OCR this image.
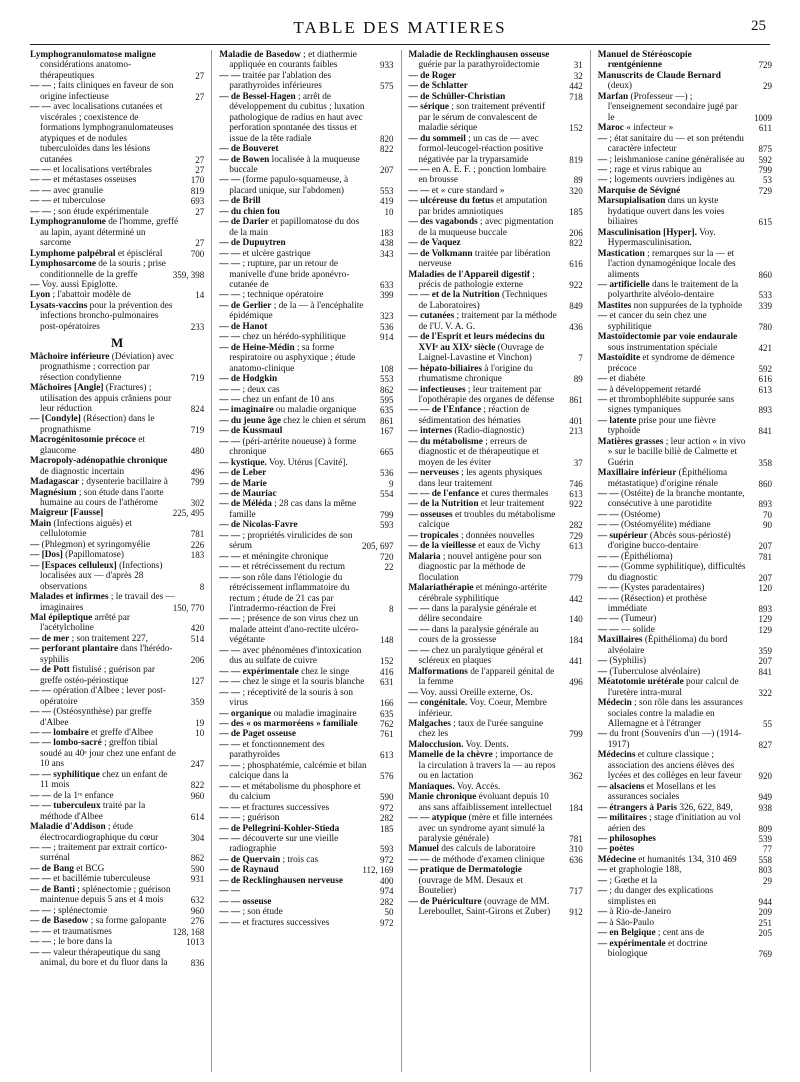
TABLE DES MATIERES	25

Lymphogranulomatose maligne considérations anatomo-thérapeutiques	27

— — ; faits cliniques en faveur de son origine infectieuse	27

— — avec localisations cutanées et viscérales ; coexistence de formations lymphogranulomateuses atypiques et de nodules tuberculoïdes dans les lésions cutanées	27

— — et localisations vertébrales	27

— — et métastases osseuses	170

— — avec granulie	819

— — et tuberculose	693

— — ; son étude expérimentale	27

Lymphogranulome de l'homme, greffé au lapin, ayant déterminé un sarcome	27

Lymphome palpébral et épiscléral	700

Lymphosarcome de la souris ; prise conditionnelle de la greffe	359, 398

— Voy. aussi Epiglotte.

Lyon ; l'abattoir modèle de	14

Lysats-vaccins pour la prévention des infections broncho-pulmonaires post-opératoires	233

M

Mâchoire inférieure (Déviation) avec prognathisme ; correction par résection condylienne	719

Mâchoires [Angle] (Fractures) ; utilisation des appuis crâniens pour leur réduction	824

— [Condyle] (Résection) dans le prognathisme	719

Macrogénitosomie précoce et glaucome	480

Macropoly-adénopathie chronique de diagnostic incertain	496

Madagascar ; dysenterie bacillaire à	799

Magnésium ; son étude dans l'aorte humaine au cours de l'athérome	302

Maigreur [Fausse]	225, 495

Main (Infections aiguës) et cellulotomie	781

— (Phlegmon) et syringomyélie	226

— [Dos] (Papillomatose)	183

— [Espaces celluleux] (Infections) localisées aux — d'après 28 observations	8

Malades et infirmes ; le travail des — imaginaires	150, 770

Mal épileptique arrêté par l'acétylcholine	420

— de mer ; son traitement 227,	514

— perforant plantaire dans l'hérédo-syphilis	206

— de Pott fistulisé ; guérison par greffe ostéo-périostique	127

— — opération d'Albee ; lever post-opératoire	359

— — (Ostéosynthèse) par greffe d'Albee	19

— — lombaire et greffe d'Albee	10

— — lombo-sacré ; greffon tibial soudé au 40ᵉ jour chez une enfant de 10 ans	247

— — syphilitique chez un enfant de 11 mois	822

— — de la 1ʳᵉ enfance	960

— — tuberculeux traité par la méthode d'Albee	614

Maladie d'Addison ; étude électrocardiographique du cœur	304

— — ; traitement par extrait cortico-surrénal	862

— de Bang et BCG	590

— — et bacillémie tuberculeuse	931

— de Banti ; splénectomie ; guérison maintenue depuis 5 ans et 4 mois	632

— — ; splénectomie	960

— de Basedow ; sa forme galopante	276

— — et traumatismes	128, 168

— — ; le bore dans la	1013

— — valeur thérapeutique du sang animal, du bore et du fluor dans la	836

Maladie de Basedow ; et diathermie appliquée en courants faibles	933

— — traitée par l'ablation des parathyroïdes inférieures	575

— de Bessel-Hagen ; arrêt de développement du cubitus ; luxation pathologique de radius en haut avec perforation spontanée des tissus et issue de la tête radiale	820

— de Bouveret	822

— de Bowen localisée à la muqueuse buccale	207

— — (forme papulo-squameuse, à placard unique, sur l'abdomen)	553

— de Brill	419

— du chien fou	10

— de Darier et papillomatose du dos de la main	183

— de Dupuytren	438

— — et ulcère gastrique	343

— — ; rupture, par un retour de manivelle d'une bride aponévro-cutanée de	633

— — ; technique opératoire	399

— de Gerlier ; de la — à l'encéphalite épidémique	323

— de Hanot	536

— — chez un hérédo-syphilitique	914

— de Heine-Médin ; sa forme respiratoire ou asphyxique ; étude anatomo-clinique	108

— de Hodgkin	553

— — ; deux cas	862

— — chez un enfant de 10 ans	595

— imaginaire ou maladie organique	635

— du jeune âge chez le chien et sérum 861

— de Kussmaul	167

— — (péri-artérite noueuse) à forme chronique	665

— kystique. Voy. Utérus [Cavité].

— de Leber	536

— de Marie	9

— de Mauriac	554

— de Méléda ; 28 cas dans la même famille	799

— de Nicolas-Favre	593

— — ; propriétés virulicides de son sérum	205, 697

— — et méningite chronique	720

— — et rétrécissement du rectum	22

— — son rôle dans l'étiologie du rétrécissement inflammatoire du rectum ; étude de 21 cas par l'intradermo-réaction de Frei	8

— — ; présence de son virus chez un malade atteint d'ano-rectite ulcéro-végétante	148

— — avec phénomènes d'intoxication dus au sulfate de cuivre	152

— — expérimentale chez le singe	416

— — chez le singe et la souris blanche 631

— — ; réceptivité de la souris à son virus	166

— organique ou maladie imaginaire	635

— des « os marmoréens » familiale 762

— de Paget osseuse	761

— — et fonctionnement des parathyroïdes	613

— — ; phosphatémie, calcémie et bilan calcique dans la	576

— — et métabolisme du phosphore et du calcium	590

— — et fractures successives	972

— — ; guérison	282

— de Pellegrini-Kohler-Stieda	185

— — découverte sur une vieille radiographie	593

— de Quervain ; trois cas	972

— de Raynaud	112, 169

— de Recklinghausen nerveuse	400

— —	974

— — osseuse	282

— — ; son étude	50

— — et fractures successives	972

Maladie de Recklinghausen osseuse guérie par la parathyroïdectomie	31

— de Roger	32

— de Schlatter	442

— de Schüller-Christian	718

— sérique ; son traitement préventif par le sérum de convalescent de maladie sérique	152

— du sommeil ; un cas de — avec formol-leucogel-réaction positive négativée par la tryparsamide	819

— — en A. E. F. ; ponction lombaire en brousse	89

— — et « cure standard »	320

— ulcéreuse du fœtus et amputation par brides amniotiques	185

— des vagabonds ; avec pigmentation de la muqueuse buccale	206

— de Vaquez	822

— de Volkmann traitée par libération nerveuse	616

Maladies de l'Appareil digestif ; précis de pathologie externe	922

— — et de la Nutrition (Techniques de Laboratoires)	849

— cutanées ; traitement par la méthode de l'U. V. A. G.	436

— de l'Esprit et leurs médecins du XVIᵉ au XIXᵉ siècle (Ouvrage de Laignel-Lavastine et Vinchon)	7

— hépato-biliaires à l'origine du rhumatisme chronique	89

— infectieuses ; leur traitement par l'opothérapie des organes de défense 861

— — de l'Enfance ; réaction de sédimentation des hématies	401

— internes (Radio-diagnostic)	213

— du métabolisme ; erreurs de diagnostic et de thérapeutique et moyen de les éviter	37

— nerveuses ; les agents physiques dans leur traitement	746

— — de l'enfance et cures thermales 613

— de la Nutrition et leur traitement	922

— osseuses et troubles du métabolisme calcique	282

— tropicales ; données nouvelles	729

— de la vieillesse et eaux de Vichy	613

Malaria ; nouvel antigène pour son diagnostic par la méthode de floculation	779

Malariathérapie et méningo-artérite cérébrale syphilitique	442

— — dans la paralysie générale et délire secondaire	140

— — dans la paralysie générale au cours de la grossesse	184

— — chez un paralytique général et scléreux en plaques	441

Malformations de l'appareil génital de la femme	496

— Voy. aussi Oreille externe, Os.

— congénitale. Voy. Coeur, Membre inférieur.

Malgaches ; taux de l'urée sanguine chez les	799

Malocclusion. Voy. Dents.

Mamelle de la chèvre ; importance de la circulation à travers la — au repos ou en lactation	362

Maniaques. Voy. Accès.

Manie chronique évoluant depuis 10 ans sans affaiblissement intellectuel 184

— — atypique (mère et fille internées avec un syndrome ayant simulé la paralysie générale)	781

Manuel des calculs de laboratoire	310

— — de méthode d'examen clinique	636

— pratique de Dermatologie (ouvrage de MM. Desaux et Boutelier)	717

— de Puériculture (ouvrage de MM. Lereboullet, Saint-Girons et Zuber) 912

Manuel de Stéréoscopie rœntgénienne	729

Manuscrits de Claude Bernard (deux)	29

Marfan (Professeur —) ; l'enseignement secondaire jugé par le	1009

Maroc « infecteur »	611

— ; état sanitaire du — et son prétendu caractère infecteur	875

— ; leishmaniose canine généralisée au 592

— ; rage et virus rabique au	799

— ; logements ouvriers indigènes au	53

Marquise de Sévigné	729

Marsupialisation dans un kyste hydatique ouvert dans les voies biliaires	615

Masculinisation [Hyper]. Voy. Hypermasculinisation.

Mastication ; remarques sur la — et l'action dynamogénique locale des aliments	860

— artificielle dans le traitement de la polyarthrite alvéolo-dentaire	533

Mastites non suppurées de la typhoïde 339

— et cancer du sein chez une syphilitique	780

Mastoïdectomie par voie endaurale sous instrumentation spéciale	421

Mastoïdite et syndrome de démence précoce	592

— et diabète	616

— à développement retardé	613

— et thrombophlébite suppurée sans signes tympaniques	893

— latente prise pour une fièvre typhoïde	841

Matières grasses ; leur action « in vivo » sur le bacille biliè de Calmette et Guérin	358

Maxillaire inférieur (Épithélioma métastatique) d'origine rénale	860

— — (Ostéite) de la branche montante, consécutive à une parotidite	893

— — (Ostéome)	70

— — (Ostéomyélite) médiane	90

— supérieur (Abcès sous-périosté) d'origine bucco-dentaire	207

— — (Épithélioma)	781

— — (Gomme syphilitique), difficultés du diagnostic	207

— — (Kystes paradentaires)	120

— — (Résection) et prothèse immédiate	893

— — (Tumeur)	129

— — — solide	129

Maxillaires (Épithélioma) du bord alvéolaire	359

— (Syphilis)	207

— (Tuberculose alvéolaire)	841

Méatotomie urétérale pour calcul de l'uretère intra-mural	322

Médecin ; son rôle dans les assurances sociales contre la maladie en Allemagne et à l'étranger	55

— du front (Souvenirs d'un —) (1914-1917)	827

Médecins et culture classique ; association des anciens élèves des lycées et des collèges en leur faveur 920

— alsaciens et Mosellans et les assurances sociales	949

— étrangers à Paris 326, 622, 849,	938

— militaires ; stage d'initiation au vol aérien des	809

— philosophes	539

— poètes	77

Médecine et humanités 134, 310 469 558

— et graphologie 188,	803

— ; Gœthe et la	29

— ; du danger des explications simplistes en	944

— à Rio-de-Janeiro	209

— à São-Paulo	251

— en Belgique ; cent ans de	205

— expérimentale et doctrine biologique	769
